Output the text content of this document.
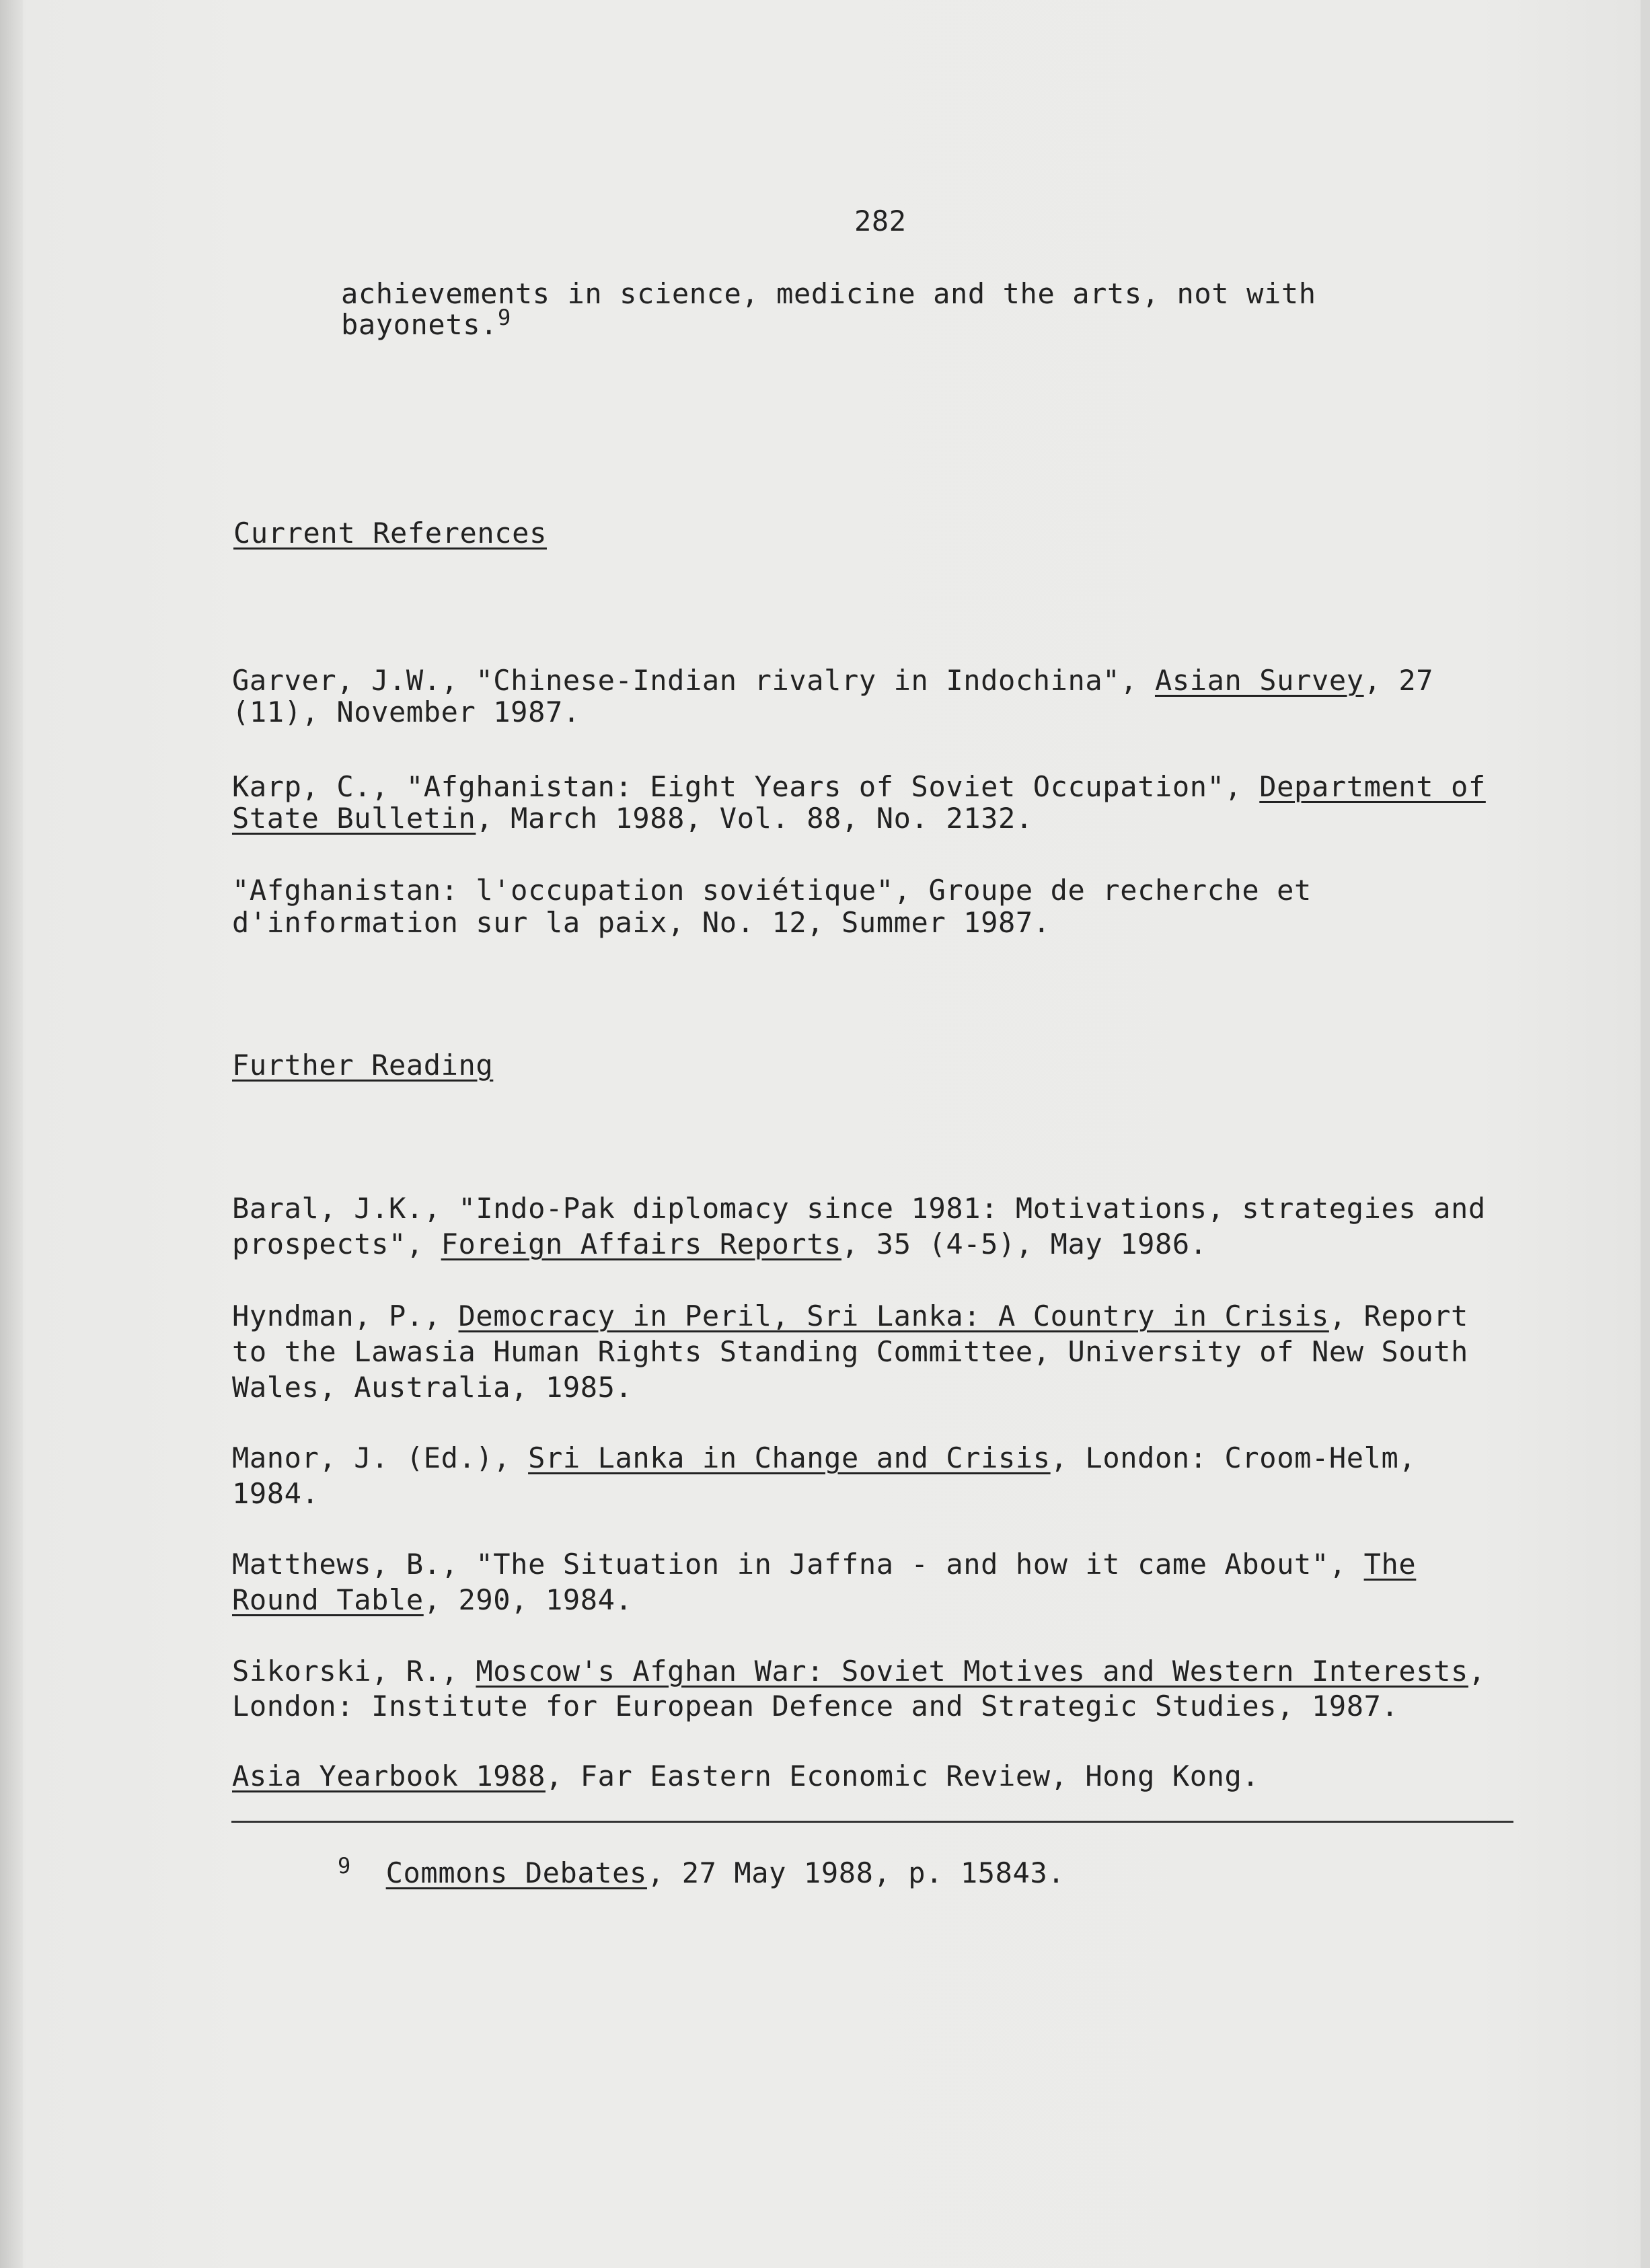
282
achievements in science, medicine and the arts, not with
bayonets.$^9$
Current References
Garver, J.W., "Chinese-Indian rivalry in Indochina", Asian Survey, 27
(11), November 1987.
Karp, C., "Afghanistan: Eight Years of Soviet Occupation", Department of
State Bulletin, March 1988, Vol. 88, No. 2132.
"Afghanistan: l'occupation soviétique", Groupe de recherche et
d'information sur la paix, No. 12, Summer 1987.
Further Reading
Baral, J.K., "Indo-Pak diplomacy since 1981: Motivations, strategies and
prospects", Foreign Affairs Reports, 35 (4-5), May 1986.
Hyndman, P., Democracy in Peril, Sri Lanka: A Country in Crisis, Report
to the Lawasia Human Rights Standing Committee, University of New South
Wales, Australia, 1985.
Manor, J. (Ed.), Sri Lanka in Change and Crisis, London: Croom-Helm,
1984.
Matthews, B., "The Situation in Jaffna - and how it came About", The
Round Table, 290, 1984.
Sikorski, R., Moscow's Afghan War: Soviet Motives and Western Interests,
London: Institute for European Defence and Strategic Studies, 1987.
Asia Yearbook 1988, Far Eastern Economic Review, Hong Kong.
$^9$ Commons Debates, 27 May 1988, p. 15843.
